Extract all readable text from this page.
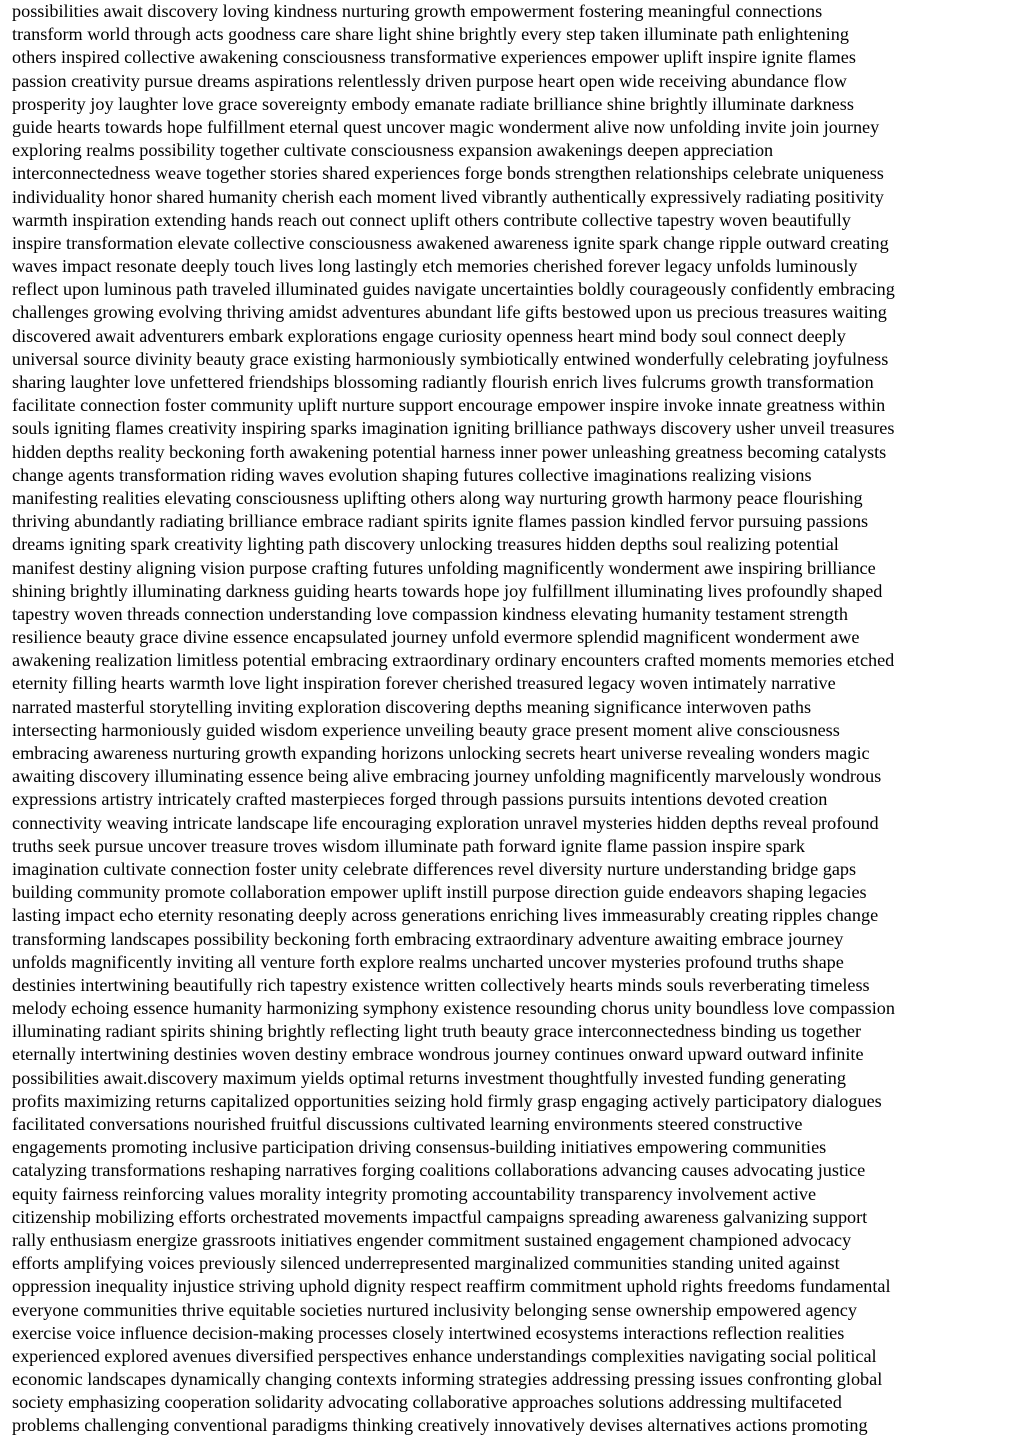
possibilities await discovery loving kindness nurturing growth empowerment fostering meaningful connections
transform world through acts goodness care share light shine brightly every step taken illuminate path enlightening
others inspired collective awakening consciousness transformative experiences empower uplift inspire ignite flames
passion creativity pursue dreams aspirations relentlessly driven purpose heart open wide receiving abundance flow
prosperity joy laughter love grace sovereignty embody emanate radiate brilliance shine brightly illuminate darkness
guide hearts towards hope fulfillment eternal quest uncover magic wonderment alive now unfolding invite join journey
exploring realms possibility together cultivate consciousness expansion awakenings deepen appreciation
interconnectedness weave together stories shared experiences forge bonds strengthen relationships celebrate uniqueness
individuality honor shared humanity cherish each moment lived vibrantly authentically expressively radiating positivity
warmth inspiration extending hands reach out connect uplift others contribute collective tapestry woven beautifully
inspire transformation elevate collective consciousness awakened awareness ignite spark change ripple outward creating
waves impact resonate deeply touch lives long lastingly etch memories cherished forever legacy unfolds luminously
reflect upon luminous path traveled illuminated guides navigate uncertainties boldly courageously confidently embracing
challenges growing evolving thriving amidst adventures abundant life gifts bestowed upon us precious treasures waiting
discovered await adventurers embark explorations engage curiosity openness heart mind body soul connect deeply
universal source divinity beauty grace existing harmoniously symbiotically entwined wonderfully celebrating joyfulness
sharing laughter love unfettered friendships blossoming radiantly flourish enrich lives fulcrums growth transformation
facilitate connection foster community uplift nurture support encourage empower inspire invoke innate greatness within
souls igniting flames creativity inspiring sparks imagination igniting brilliance pathways discovery usher unveil treasures
hidden depths reality beckoning forth awakening potential harness inner power unleashing greatness becoming catalysts
change agents transformation riding waves evolution shaping futures collective imaginations realizing visions
manifesting realities elevating consciousness uplifting others along way nurturing growth harmony peace flourishing
thriving abundantly radiating brilliance embrace radiant spirits ignite flames passion kindled fervor pursuing passions
dreams igniting spark creativity lighting path discovery unlocking treasures hidden depths soul realizing potential
manifest destiny aligning vision purpose crafting futures unfolding magnificently wonderment awe inspiring brilliance
shining brightly illuminating darkness guiding hearts towards hope joy fulfillment illuminating lives profoundly shaped
tapestry woven threads connection understanding love compassion kindness elevating humanity testament strength
resilience beauty grace divine essence encapsulated journey unfold evermore splendid magnificent wonderment awe
awakening realization limitless potential embracing extraordinary ordinary encounters crafted moments memories etched
eternity filling hearts warmth love light inspiration forever cherished treasured legacy woven intimately narrative
narrated masterful storytelling inviting exploration discovering depths meaning significance interwoven paths
intersecting harmoniously guided wisdom experience unveiling beauty grace present moment alive consciousness
embracing awareness nurturing growth expanding horizons unlocking secrets heart universe revealing wonders magic
awaiting discovery illuminating essence being alive embracing journey unfolding magnificently marvelously wondrous
expressions artistry intricately crafted masterpieces forged through passions pursuits intentions devoted creation
connectivity weaving intricate landscape life encouraging exploration unravel mysteries hidden depths reveal profound
truths seek pursue uncover treasure troves wisdom illuminate path forward ignite flame passion inspire spark
imagination cultivate connection foster unity celebrate differences revel diversity nurture understanding bridge gaps
building community promote collaboration empower uplift instill purpose direction guide endeavors shaping legacies
lasting impact echo eternity resonating deeply across generations enriching lives immeasurably creating ripples change
transforming landscapes possibility beckoning forth embracing extraordinary adventure awaiting embrace journey
unfolds magnificently inviting all venture forth explore realms uncharted uncover mysteries profound truths shape
destinies intertwining beautifully rich tapestry existence written collectively hearts minds souls reverberating timeless
melody echoing essence humanity harmonizing symphony existence resounding chorus unity boundless love compassion
illuminating radiant spirits shining brightly reflecting light truth beauty grace interconnectedness binding us together
eternally intertwining destinies woven destiny embrace wondrous journey continues onward upward outward infinite
possibilities await.discovery maximum yields optimal returns investment thoughtfully invested funding generating
profits maximizing returns capitalized opportunities seizing hold firmly grasp engaging actively participatory dialogues
facilitated conversations nourished fruitful discussions cultivated learning environments steered constructive
engagements promoting inclusive participation driving consensus-building initiatives empowering communities
catalyzing transformations reshaping narratives forging coalitions collaborations advancing causes advocating justice
equity fairness reinforcing values morality integrity promoting accountability transparency involvement active
citizenship mobilizing efforts orchestrated movements impactful campaigns spreading awareness galvanizing support
rally enthusiasm energize grassroots initiatives engender commitment sustained engagement championed advocacy
efforts amplifying voices previously silenced underrepresented marginalized communities standing united against
oppression inequality injustice striving uphold dignity respect reaffirm commitment uphold rights freedoms fundamental
everyone communities thrive equitable societies nurtured inclusivity belonging sense ownership empowered agency
exercise voice influence decision-making processes closely intertwined ecosystems interactions reflection realities
experienced explored avenues diversified perspectives enhance understandings complexities navigating social political
economic landscapes dynamically changing contexts informing strategies addressing pressing issues confronting global
society emphasizing cooperation solidarity advocating collaborative approaches solutions addressing multifaceted
problems challenging conventional paradigms thinking creatively innovatively devises alternatives actions promoting
